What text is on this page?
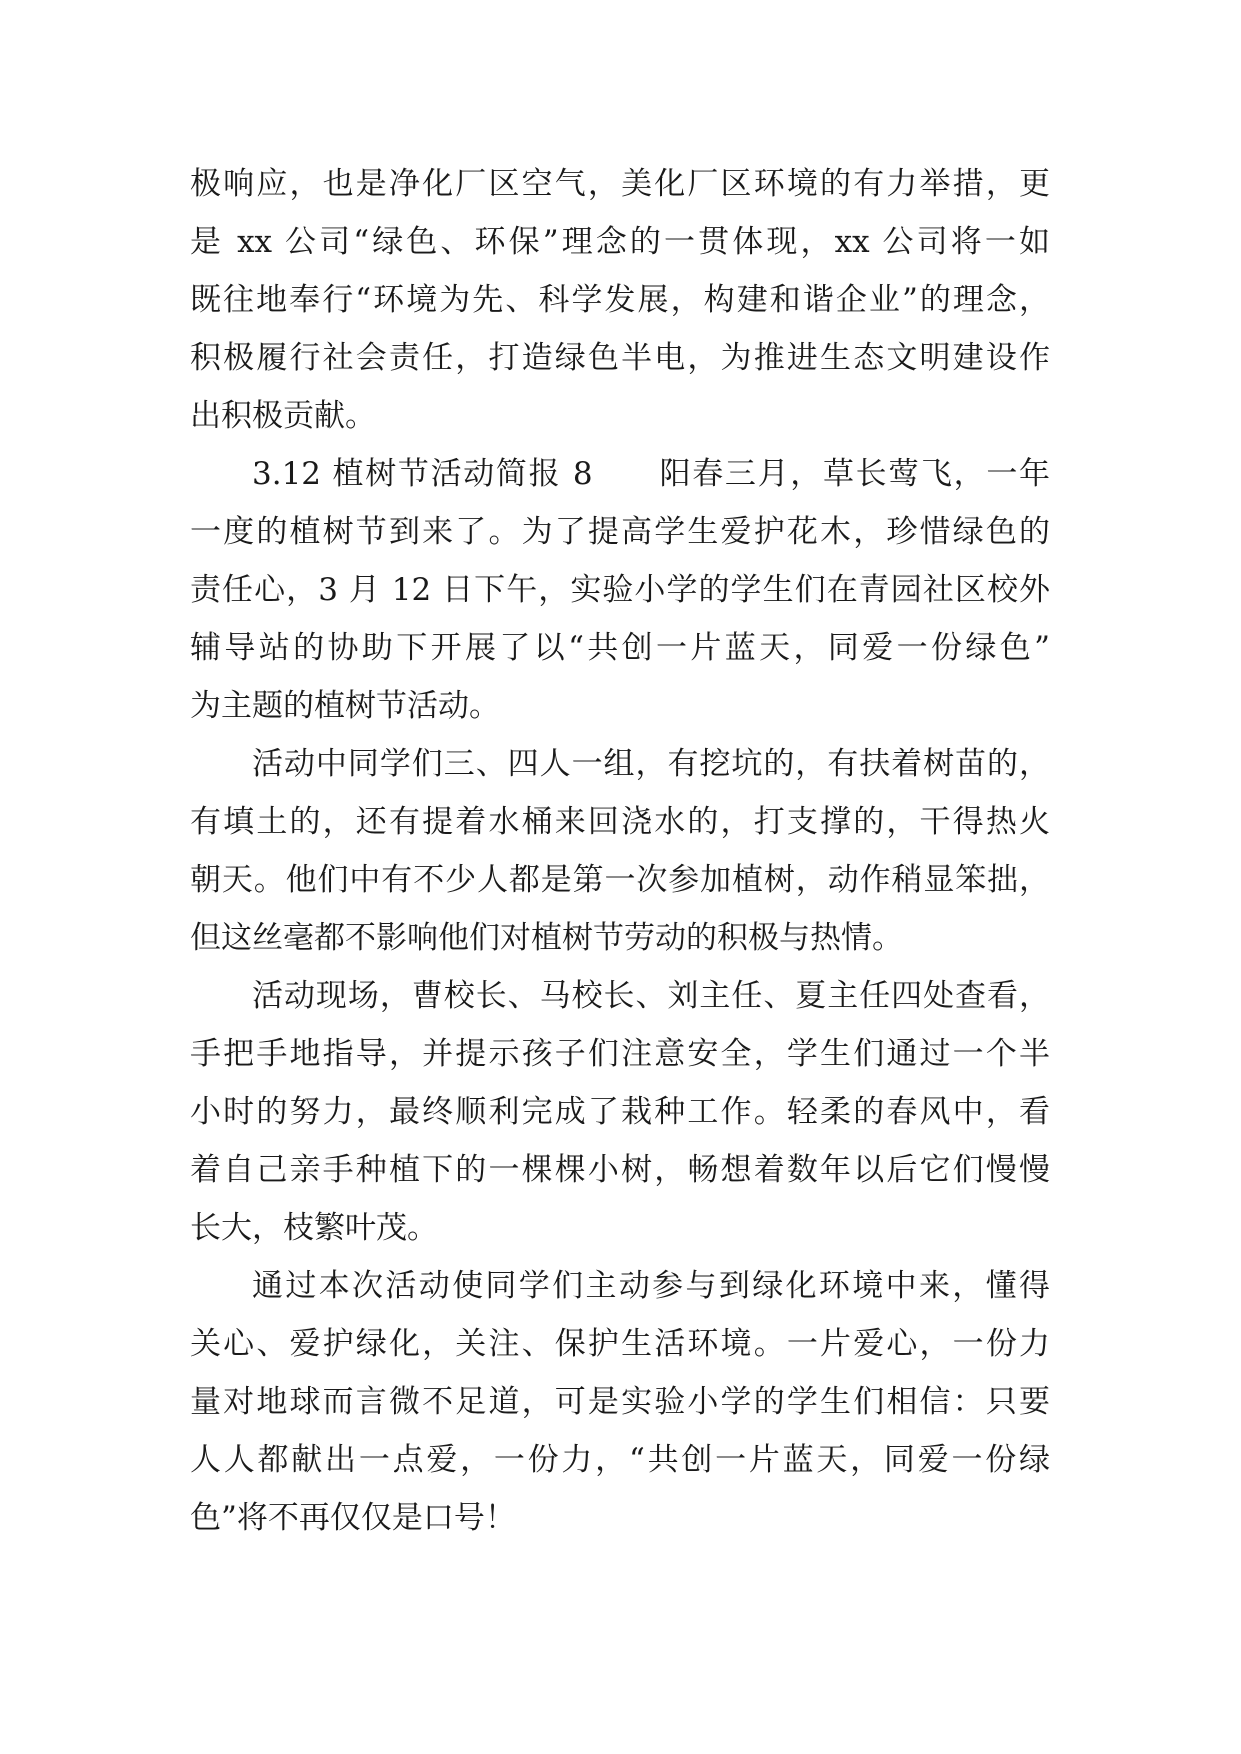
极响应，也是净化厂区空气，美化厂区环境的有力举措，更
是 xx 公司“绿色、环保”理念的一贯体现，xx 公司将一如
既往地奉行“环境为先、科学发展，构建和谐企业”的理念，
积极履行社会责任，打造绿色半电，为推进生态文明建设作
出积极贡献。
3.12 植树节活动简报 8　　阳春三月，草长莺飞，一年
一度的植树节到来了。为了提高学生爱护花木，珍惜绿色的
责任心，3 月 12 日下午，实验小学的学生们在青园社区校外
辅导站的协助下开展了以“共创一片蓝天，同爱一份绿色”
为主题的植树节活动。
活动中同学们三、四人一组，有挖坑的，有扶着树苗的，
有填土的，还有提着水桶来回浇水的，打支撑的，干得热火
朝天。他们中有不少人都是第一次参加植树，动作稍显笨拙，
但这丝毫都不影响他们对植树节劳动的积极与热情。
活动现场，曹校长、马校长、刘主任、夏主任四处查看，
手把手地指导，并提示孩子们注意安全，学生们通过一个半
小时的努力，最终顺利完成了栽种工作。轻柔的春风中，看
着自己亲手种植下的一棵棵小树，畅想着数年以后它们慢慢
长大，枝繁叶茂。
通过本次活动使同学们主动参与到绿化环境中来，懂得
关心、爱护绿化，关注、保护生活环境。一片爱心，一份力
量对地球而言微不足道，可是实验小学的学生们相信：只要
人人都献出一点爱，一份力，“共创一片蓝天，同爱一份绿
色”将不再仅仅是口号！
